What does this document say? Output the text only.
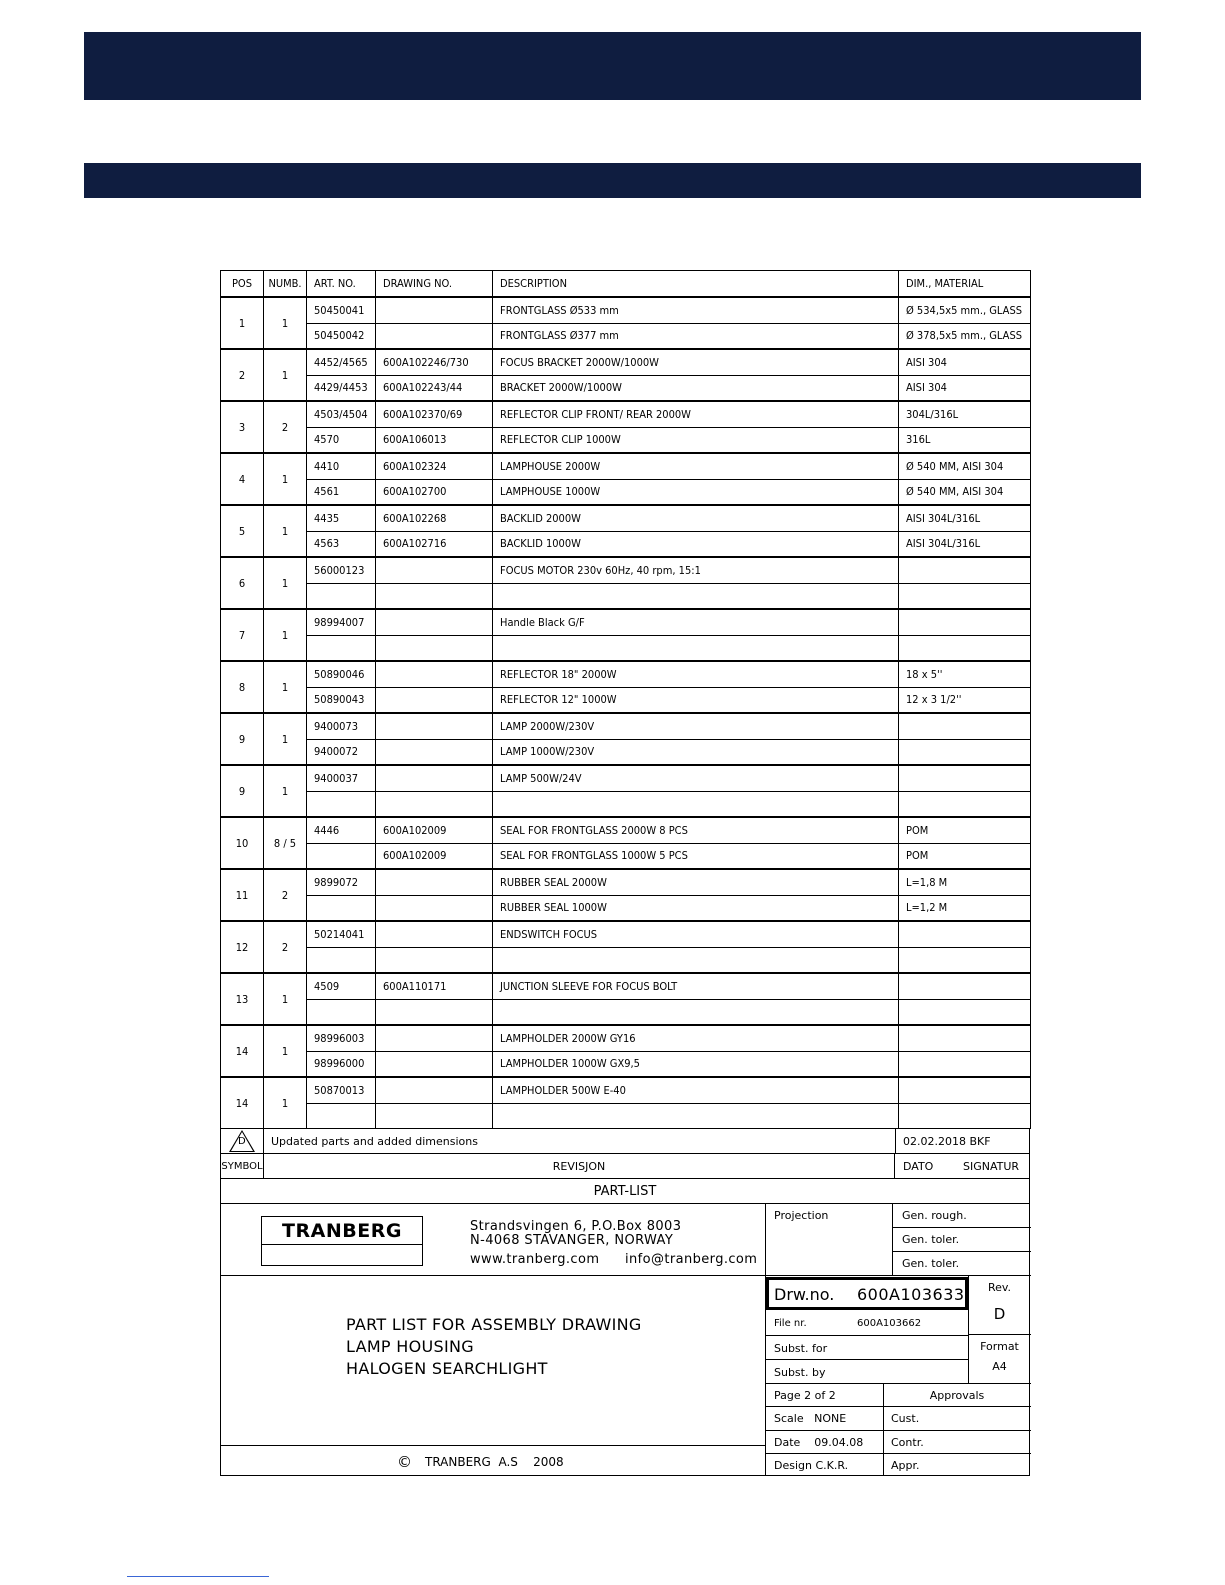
POS	NUMB.	ART. NO.	DRAWING NO.	DESCRIPTION	DIM., MATERIAL
1	1	50450041		FRONTGLASS Ø533 mm	Ø 534,5x5 mm., GLASS
		50450042		FRONTGLASS Ø377 mm	Ø 378,5x5 mm., GLASS
2	1	4452/4565	600A102246/730	FOCUS BRACKET 2000W/1000W	AISI 304
		4429/4453	600A102243/44	BRACKET 2000W/1000W	AISI 304
3	2	4503/4504	600A102370/69	REFLECTOR CLIP FRONT/ REAR 2000W	304L/316L
		4570	600A106013	REFLECTOR CLIP 1000W	316L
4	1	4410	600A102324	LAMPHOUSE 2000W	Ø 540 MM, AISI 304
		4561	600A102700	LAMPHOUSE 1000W	Ø 540 MM, AISI 304
5	1	4435	600A102268	BACKLID 2000W	AISI 304L/316L
		4563	600A102716	BACKLID 1000W	AISI 304L/316L
6	1	56000123		FOCUS MOTOR 230v 60Hz, 40 rpm, 15:1	

7	1	98994007		Handle Black G/F	

8	1	50890046		REFLECTOR 18" 2000W	18 x 5''
		50890043		REFLECTOR 12" 1000W	12 x 3 1/2''
9	1	9400073		LAMP 2000W/230V	
		9400072		LAMP 1000W/230V	
9	1	9400037		LAMP 500W/24V	

10	8 / 5	4446	600A102009	SEAL FOR FRONTGLASS 2000W 8 PCS	POM
			600A102009	SEAL FOR FRONTGLASS 1000W 5 PCS	POM
11	2	9899072		RUBBER SEAL 2000W	L=1,8 M
				RUBBER SEAL 1000W	L=1,2 M
12	2	50214041		ENDSWITCH FOCUS	

13	1	4509	600A110171	JUNCTION SLEEVE FOR FOCUS BOLT	

14	1	98996003		LAMPHOLDER 2000W GY16	
		98996000		LAMPHOLDER 1000W GX9,5	
14	1	50870013		LAMPHOLDER 500W E-40	

D Updated parts and added dimensions	02.02.2018 BKF
SYMBOL	REVISJON	DATO	SIGNATUR
PART-LIST
TRANBERG	Strandsvingen 6, P.O.Box 8003
N-4068 STAVANGER, NORWAY
www.tranberg.com info@tranberg.com
Projection	Gen. rough.
Gen. toler.
Gen. toler.
Drw.no. 600A103633	Rev.
D
File nr.	600A103662
Format
A4
Subst. for
Subst. by
Page 2 of 2	Approvals
Scale   NONE	Cust.
Date    09.04.08	Contr.
Design C.K.R.	Appr.
PART LIST FOR ASSEMBLY DRAWING
LAMP HOUSING
HALOGEN SEARCHLIGHT
© TRANBERG  A.S    2008
